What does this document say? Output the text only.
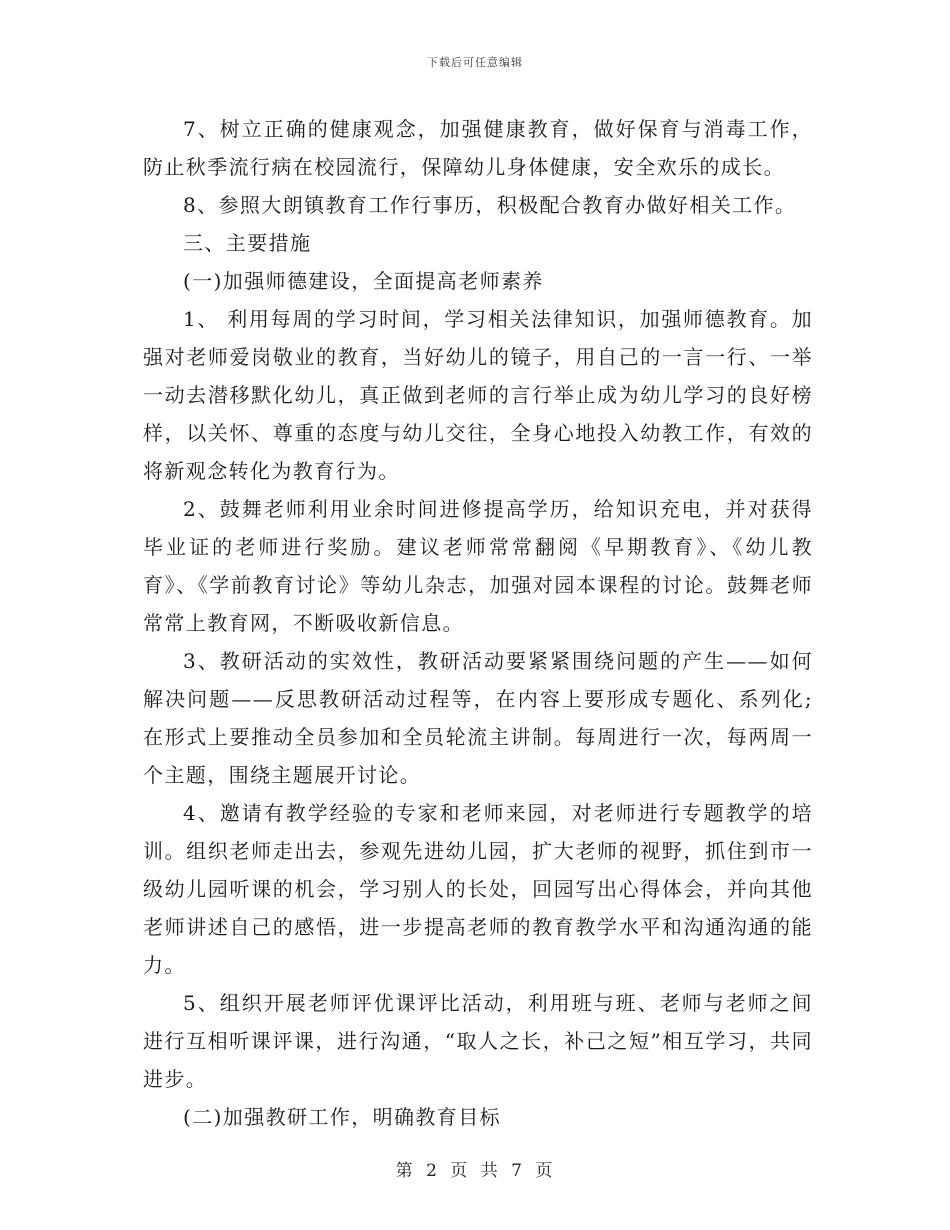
下载后可任意编辑

7、树立正确的健康观念，加强健康教育，做好保育与消毒工作，防止秋季流行病在校园流行，保障幼儿身体健康，安全欢乐的成长。

8、参照大朗镇教育工作行事历，积极配合教育办做好相关工作。

三、主要措施

(一)加强师德建设，全面提高老师素养

1、 利用每周的学习时间，学习相关法律知识，加强师德教育。加强对老师爱岗敬业的教育，当好幼儿的镜子，用自己的一言一行、一举一动去潜移默化幼儿，真正做到老师的言行举止成为幼儿学习的良好榜样，以关怀、尊重的态度与幼儿交往，全身心地投入幼教工作，有效的将新观念转化为教育行为。

2、鼓舞老师利用业余时间进修提高学历，给知识充电，并对获得毕业证的老师进行奖励。建议老师常常翻阅《早期教育》、《幼儿教育》、《学前教育讨论》等幼儿杂志，加强对园本课程的讨论。鼓舞老师常常上教育网，不断吸收新信息。

3、教研活动的实效性，教研活动要紧紧围绕问题的产生——如何解决问题——反思教研活动过程等，在内容上要形成专题化、系列化;在形式上要推动全员参加和全员轮流主讲制。每周进行一次，每两周一个主题，围绕主题展开讨论。

4、邀请有教学经验的专家和老师来园，对老师进行专题教学的培训。组织老师走出去，参观先进幼儿园，扩大老师的视野，抓住到市一级幼儿园听课的机会，学习别人的长处，回园写出心得体会，并向其他老师讲述自己的感悟，进一步提高老师的教育教学水平和沟通沟通的能力。

5、组织开展老师评优课评比活动，利用班与班、老师与老师之间进行互相听课评课，进行沟通，“取人之长，补己之短”相互学习，共同进步。

(二)加强教研工作，明确教育目标

第 2 页 共 7 页
